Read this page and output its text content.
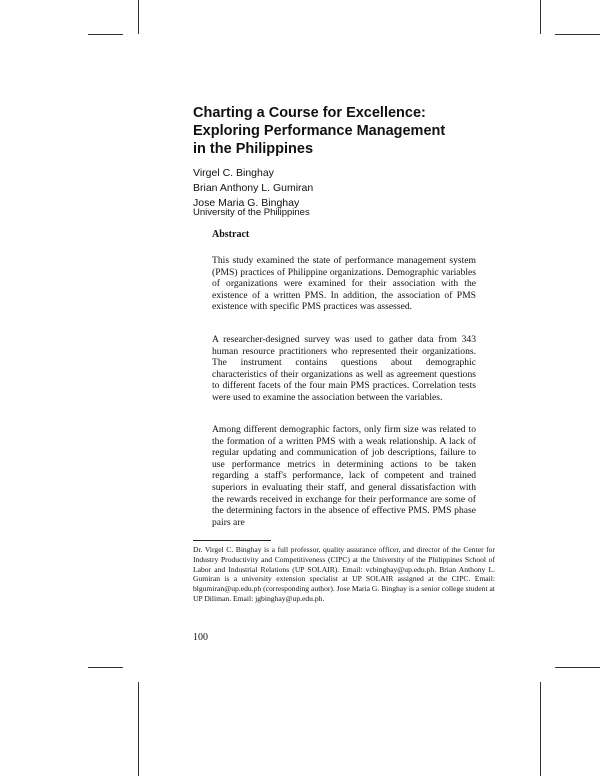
Charting a Course for Excellence:
Exploring Performance Management
in the Philippines
Virgel C. Binghay
Brian Anthony L. Gumiran
Jose Maria G. Binghay
University of the Philippines
Abstract

This study examined the state of performance management system (PMS) practices of Philippine organizations. Demographic variables of organizations were examined for their association with the existence of a written PMS. In addition, the association of PMS existence with specific PMS practices was assessed.

A researcher-designed survey was used to gather data from 343 human resource practitioners who represented their organizations. The instrument contains questions about demographic characteristics of their organizations as well as agreement questions to different facets of the four main PMS practices. Correlation tests were used to examine the association between the variables.

Among different demographic factors, only firm size was related to the formation of a written PMS with a weak relationship. A lack of regular updating and communication of job descriptions, failure to use performance metrics in determining actions to be taken regarding a staff's performance, lack of competent and trained superiors in evaluating their staff, and general dissatisfaction with the rewards received in exchange for their performance are some of the determining factors in the absence of effective PMS. PMS phase pairs are

Dr. Virgel C. Binghay is a full professor, quality assurance officer, and director of the Center for Industry Productivity and Competitiveness (CIPC) at the University of the Philippines School of Labor and Industrial Relations (UP SOLAIR). Email: vcbinghay@up.edu.ph. Brian Anthony L. Gumiran is a university extension specialist at UP SOLAIR assigned at the CIPC. Email: blgumiran@up.edu.ph (corresponding author). Jose Maria G. Binghay is a senior college student at UP Diliman. Email: jgbinghay@up.edu.ph.

100
